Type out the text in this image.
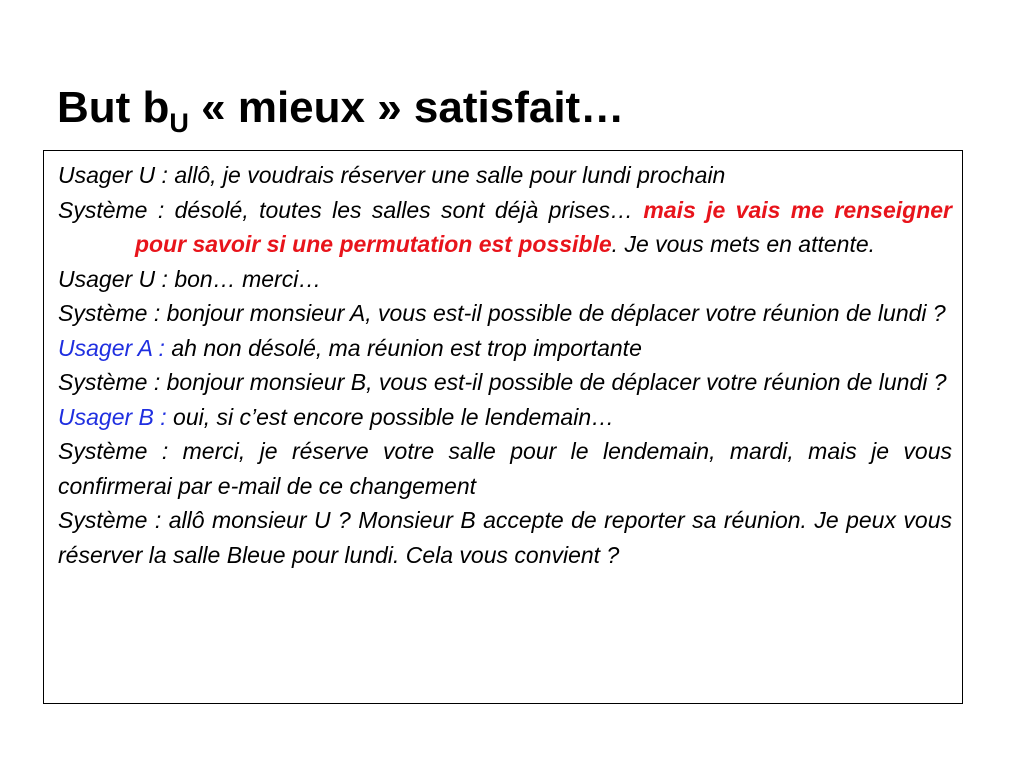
But $b_U$ « mieux » satisfait…

Usager U : allô, je voudrais réserver une salle pour lundi prochain

Système : désolé, toutes les salles sont déjà prises… mais je vais me renseigner pour savoir si une permutation est possible. Je vous mets en attente.

Usager U : bon… merci…

Système : bonjour monsieur A, vous est-il possible de déplacer votre réunion de lundi ?

Usager A : ah non désolé, ma réunion est trop importante

Système : bonjour monsieur B, vous est-il possible de déplacer votre réunion de lundi ?

Usager B : oui, si c’est encore possible le lendemain…

Système : merci, je réserve votre salle pour le lendemain, mardi, mais je vous confirmerai par e-mail de ce changement

Système : allô monsieur U ? Monsieur B accepte de reporter sa réunion. Je peux vous réserver la salle Bleue pour lundi. Cela vous convient ?
